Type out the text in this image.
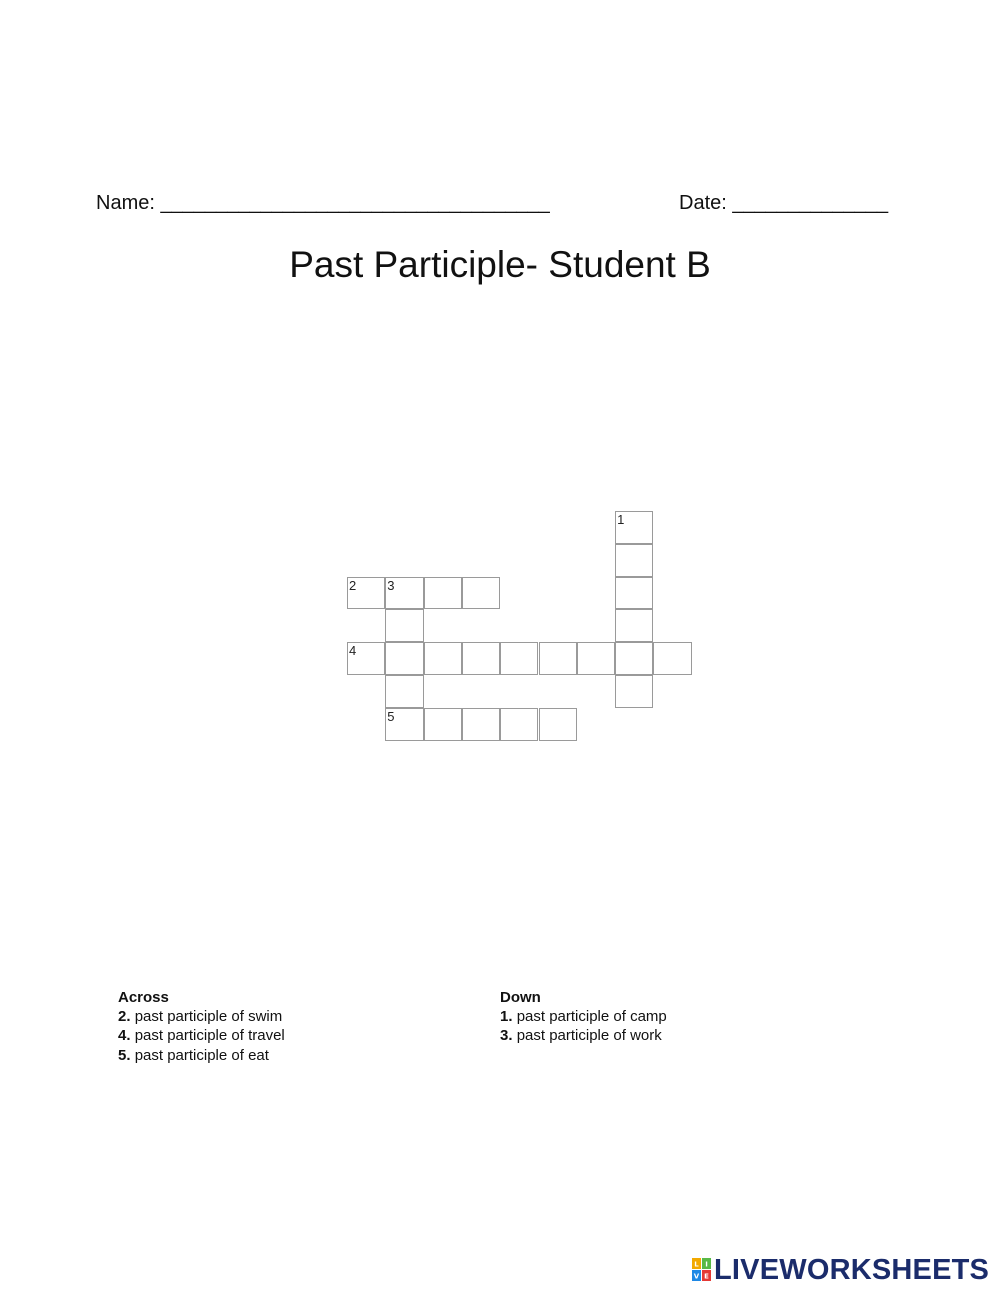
Name: ___________________________________	Date: ______________
Past Participle- Student B
1
2 3
5
4
Across
2. past participle of swim
4. past participle of travel
5. past participle of eat
Down
1. past participle of camp
3. past participle of work
L I
V E LIVEWORKSHEETS
